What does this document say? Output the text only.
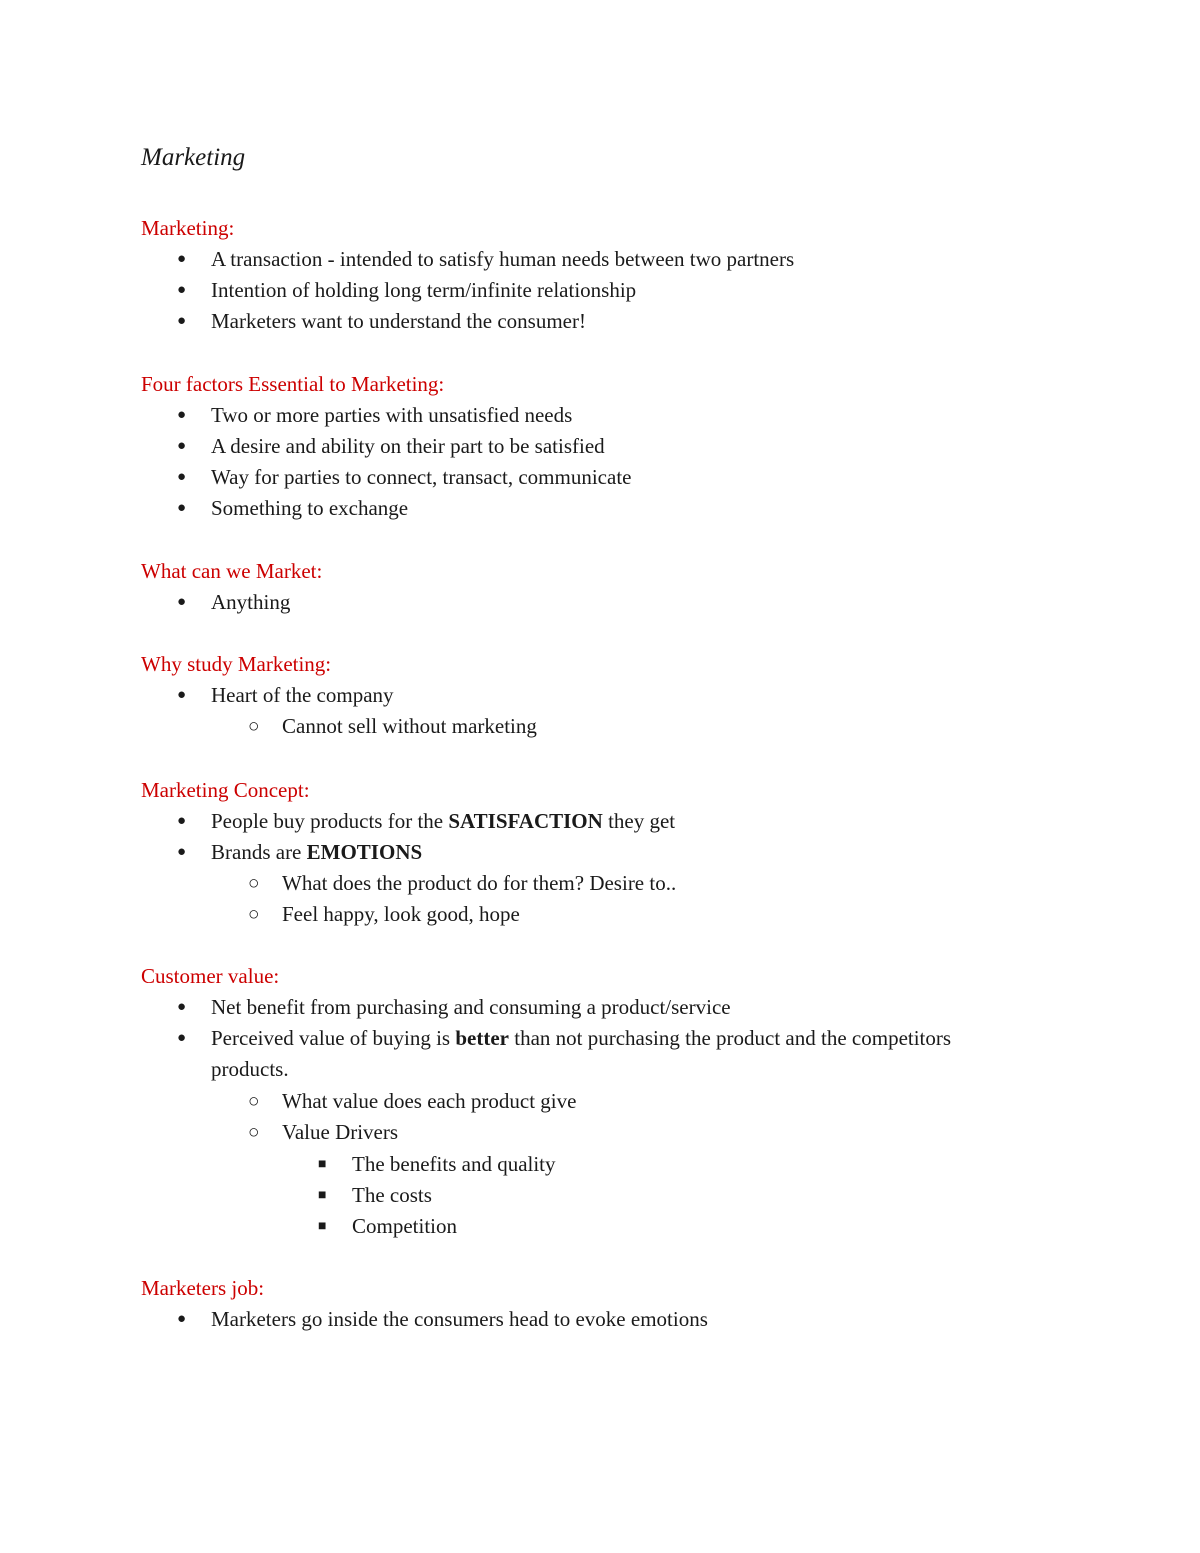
Marketing
Marketing:
● A transaction - intended to satisfy human needs between two partners
● Intention of holding long term/infinite relationship
● Marketers want to understand the consumer!
Four factors Essential to Marketing:
● Two or more parties with unsatisfied needs
● A desire and ability on their part to be satisfied
● Way for parties to connect, transact, communicate
● Something to exchange
What can we Market:
● Anything
Why study Marketing:
● Heart of the company
○ Cannot sell without marketing
Marketing Concept:
● People buy products for the SATISFACTION they get
● Brands are EMOTIONS
○ What does the product do for them? Desire to..
○ Feel happy, look good, hope
Customer value:
● Net benefit from purchasing and consuming a product/service
● Perceived value of buying is better than not purchasing the product and the competitors
products.
○ What value does each product give
○ Value Drivers
■ The benefits and quality
■ The costs
■ Competition
Marketers job:
● Marketers go inside the consumers head to evoke emotions
